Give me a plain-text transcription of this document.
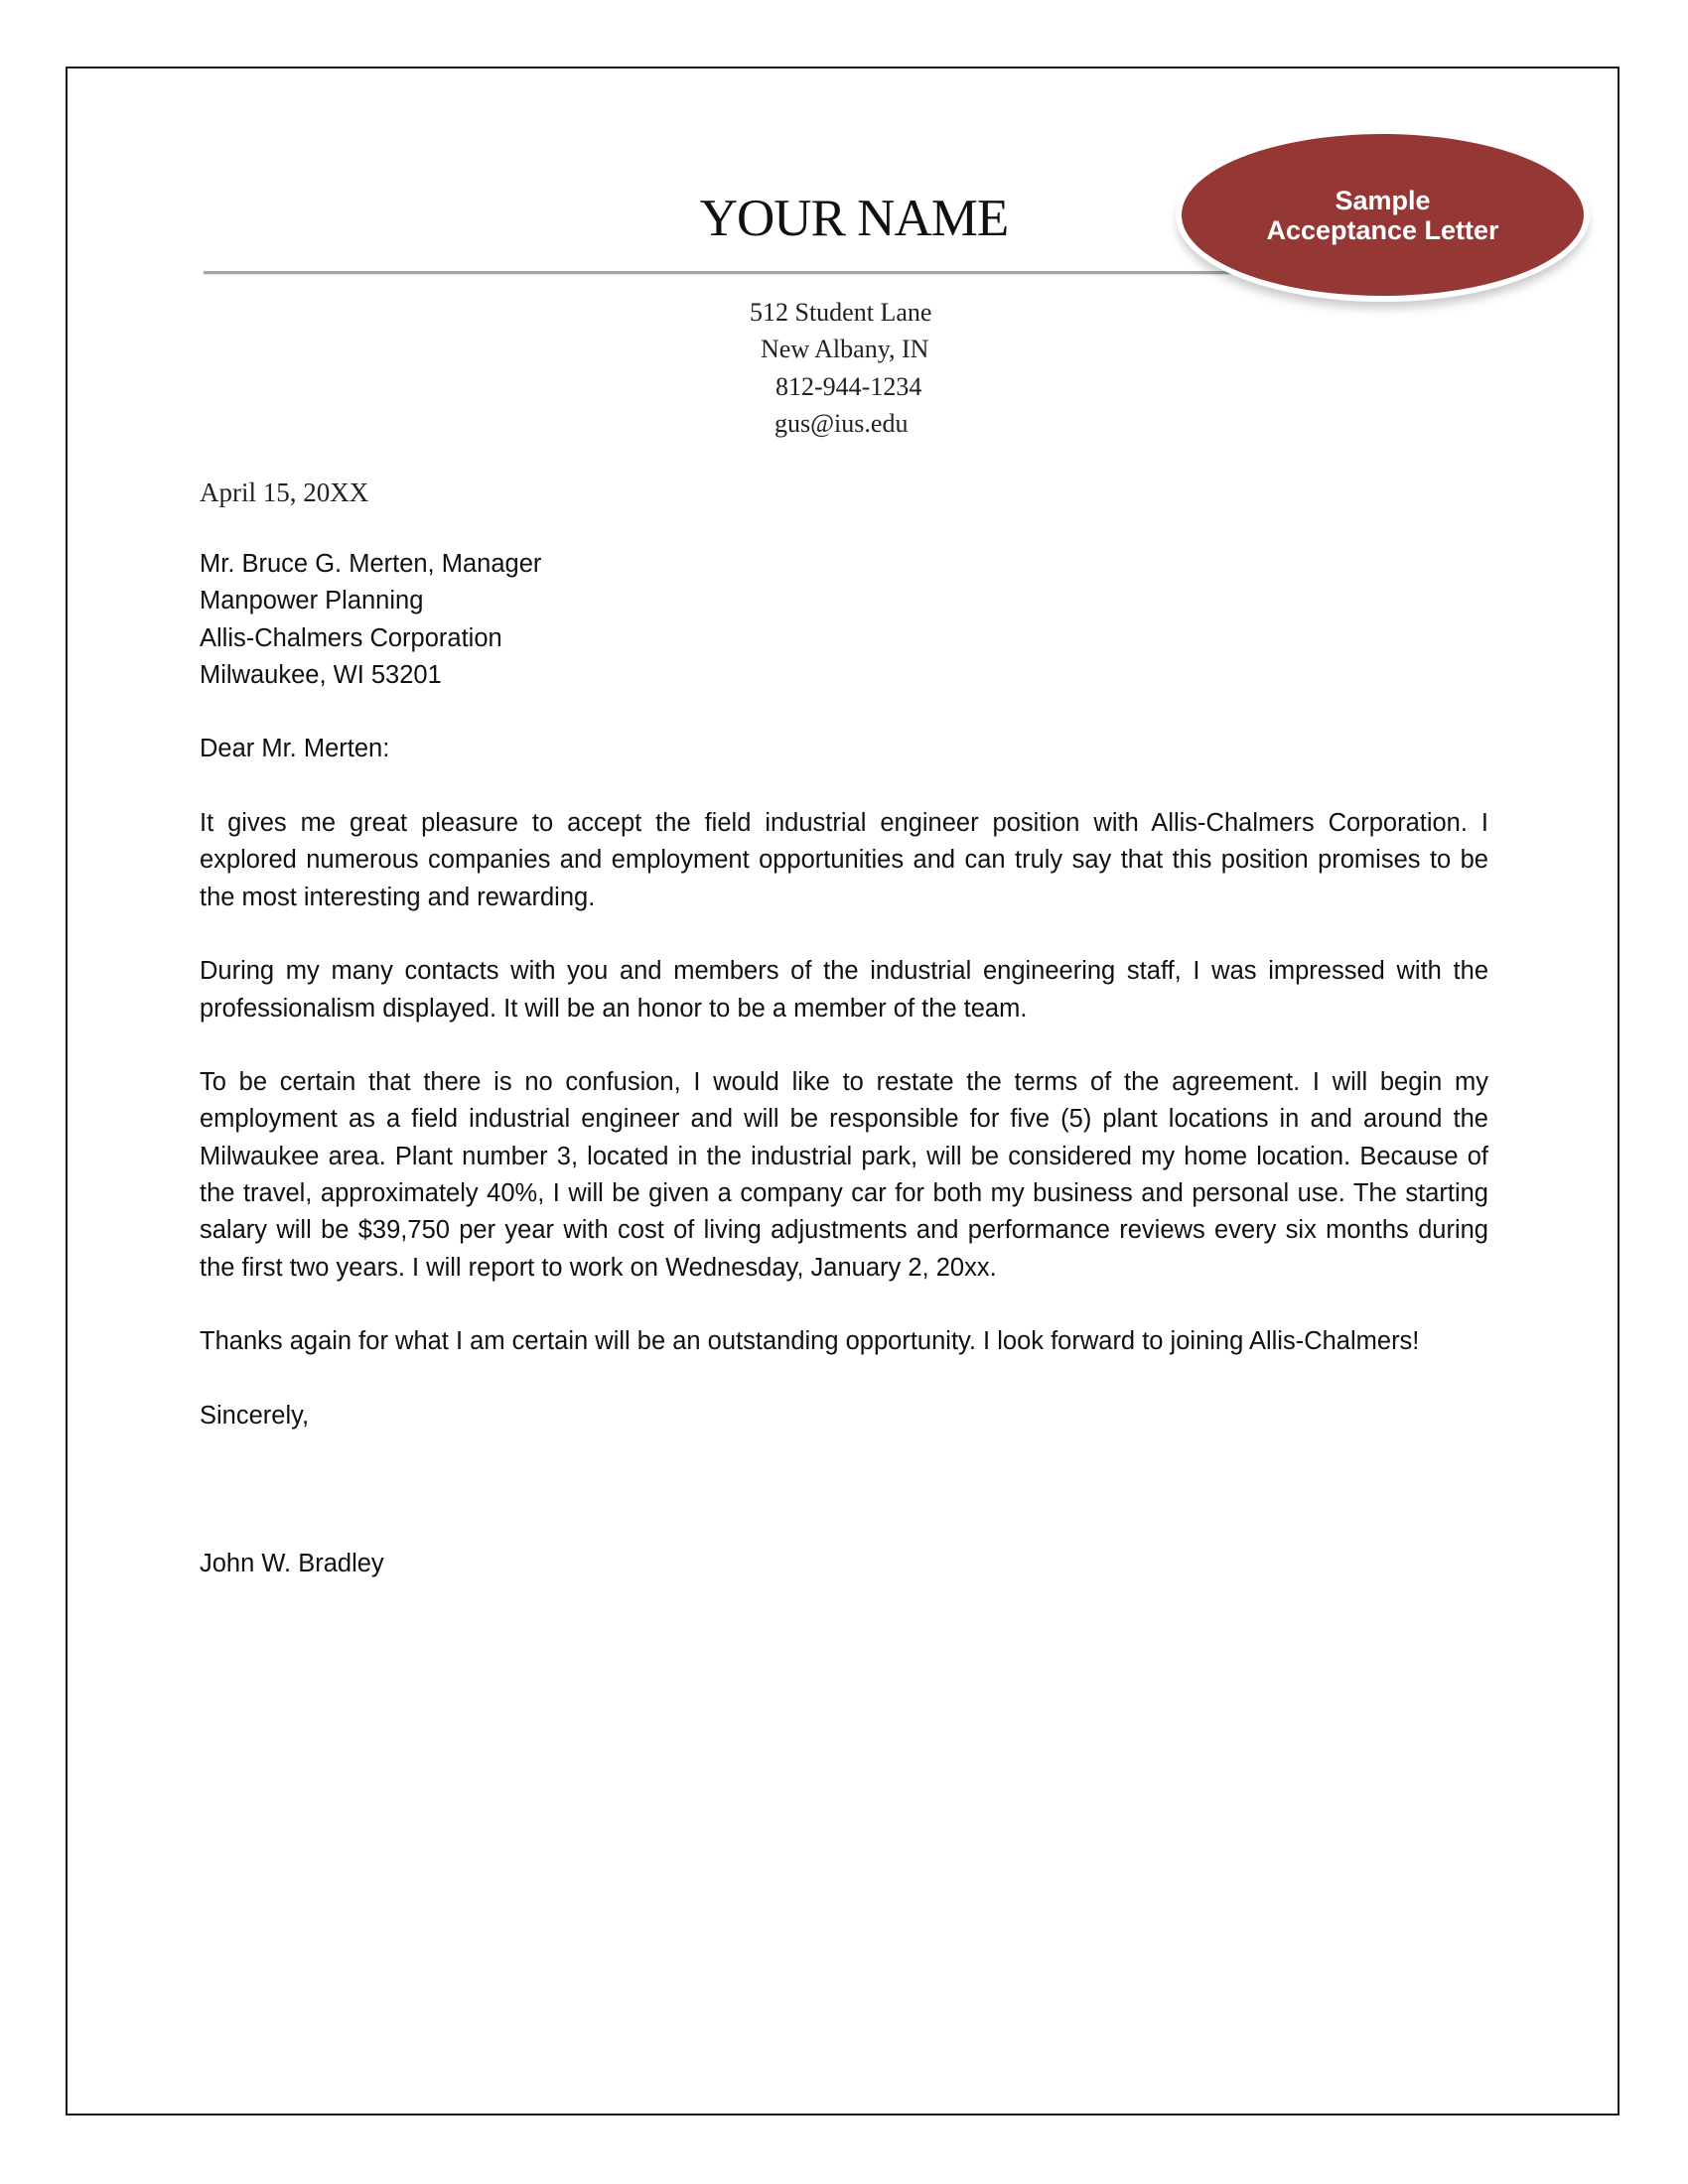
YOUR NAME	Sample
Acceptance Letter
512 Student Lane
New Albany, IN
812-944-1234
gus@ius.edu
April 15, 20XX
Mr. Bruce G. Merten, Manager
Manpower Planning
Allis-Chalmers Corporation
Milwaukee, WI 53201
Dear Mr. Merten:
It gives me great pleasure to accept the field industrial engineer position with Allis-Chalmers Corporation. I explored numerous companies and employment opportunities and can truly say that this position promises to be the most interesting and rewarding.
During my many contacts with you and members of the industrial engineering staff, I was impressed with the professionalism displayed. It will be an honor to be a member of the team.
To be certain that there is no confusion, I would like to restate the terms of the agreement. I will begin my employment as a field industrial engineer and will be responsible for five (5) plant locations in and around the Milwaukee area. Plant number 3, located in the industrial park, will be considered my home location. Because of the travel, approximately 40%, I will be given a company car for both my business and personal use. The starting salary will be $39,750 per year with cost of living adjustments and performance reviews every six months during the first two years. I will report to work on Wednesday, January 2, 20xx.
Thanks again for what I am certain will be an outstanding opportunity. I look forward to joining Allis-Chalmers!
Sincerely,
John W. Bradley
